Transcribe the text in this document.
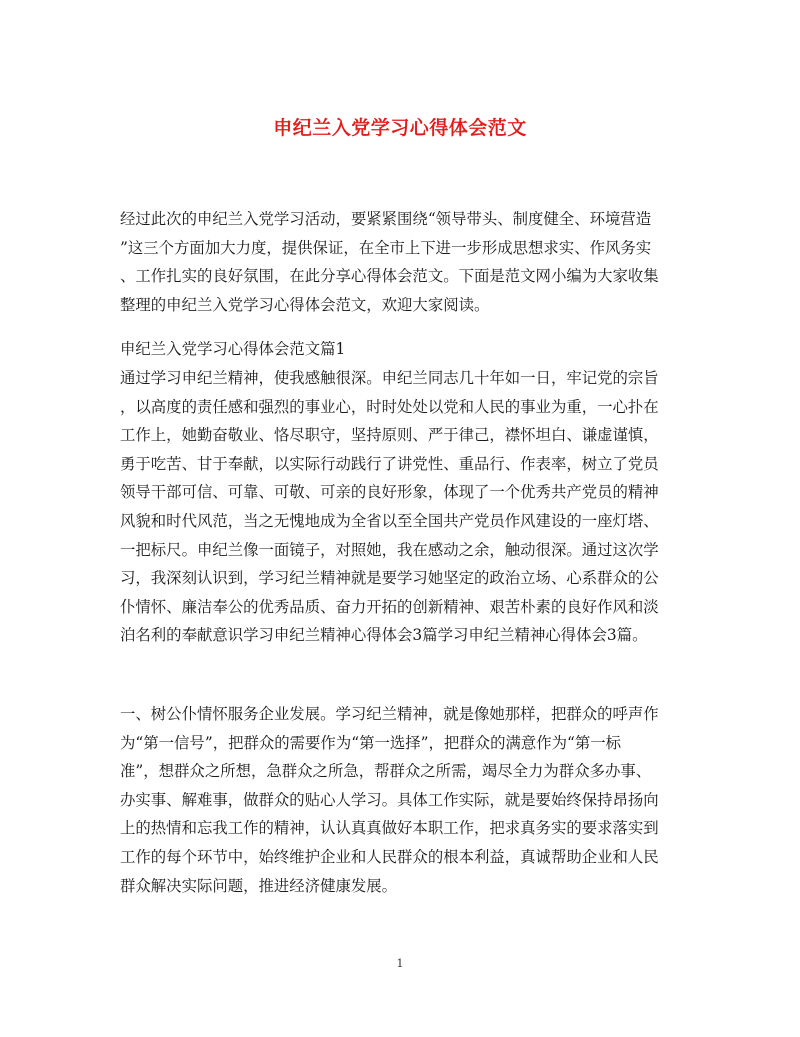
申纪兰入党学习心得体会范文

经过此次的申纪兰入党学习活动，要紧紧围绕“领导带头、制度健全、环境营造
”这三个方面加大力度，提供保证，在全市上下进一步形成思想求实、作风务实
、工作扎实的良好氛围，在此分享心得体会范文。下面是范文网小编为大家收集
整理的申纪兰入党学习心得体会范文，欢迎大家阅读。

申纪兰入党学习心得体会范文篇1

通过学习申纪兰精神，使我感触很深。申纪兰同志几十年如一日，牢记党的宗旨
，以高度的责任感和强烈的事业心，时时处处以党和人民的事业为重，一心扑在
工作上，她勤奋敬业、恪尽职守，坚持原则、严于律己，襟怀坦白、谦虚谨慎，
勇于吃苦、甘于奉献，以实际行动践行了讲党性、重品行、作表率，树立了党员
领导干部可信、可靠、可敬、可亲的良好形象，体现了一个优秀共产党员的精神
风貌和时代风范，当之无愧地成为全省以至全国共产党员作风建设的一座灯塔、
一把标尺。申纪兰像一面镜子，对照她，我在感动之余，触动很深。通过这次学
习，我深刻认识到，学习纪兰精神就是要学习她坚定的政治立场、心系群众的公
仆情怀、廉洁奉公的优秀品质、奋力开拓的创新精神、艰苦朴素的良好作风和淡
泊名利的奉献意识学习申纪兰精神心得体会3篇学习申纪兰精神心得体会3篇。

一、树公仆情怀服务企业发展。学习纪兰精神，就是像她那样，把群众的呼声作
为“第一信号”，把群众的需要作为“第一选择”，把群众的满意作为“第一标
准”，想群众之所想，急群众之所急，帮群众之所需，竭尽全力为群众多办事、
办实事、解难事，做群众的贴心人学习。具体工作实际，就是要始终保持昂扬向
上的热情和忘我工作的精神，认认真真做好本职工作，把求真务实的要求落实到
工作的每个环节中，始终维护企业和人民群众的根本利益，真诚帮助企业和人民
群众解决实际问题，推进经济健康发展。

1
